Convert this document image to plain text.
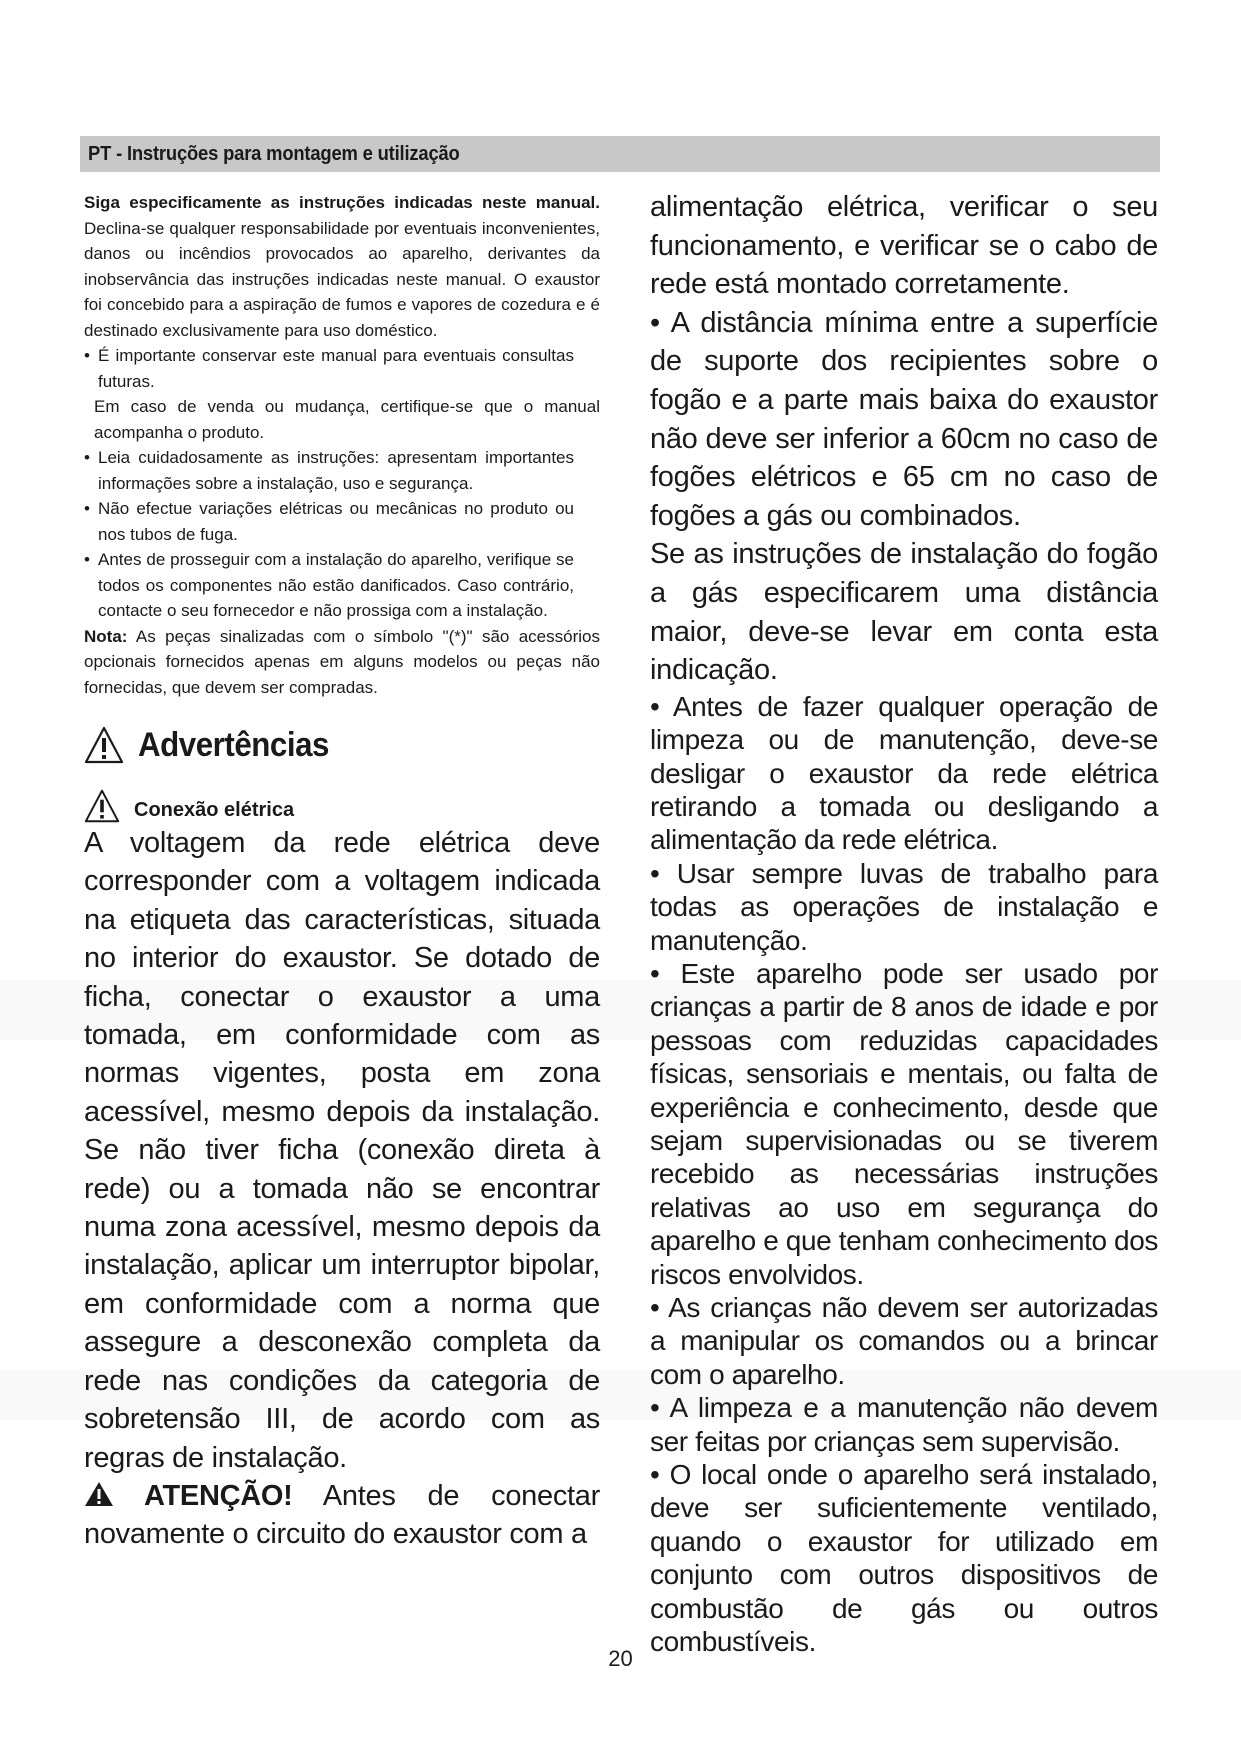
PT - Instruções para montagem e utilização

Siga especificamente as instruções indicadas neste manual. Declina-se qualquer responsabilidade por eventuais inconvenientes, danos ou incêndios provocados ao aparelho, derivantes da inobservância das instruções indicadas neste manual. O exaustor foi concebido para a aspiração de fumos e vapores de cozedura e é destinado exclusivamente para uso doméstico.

• É importante conservar este manual para eventuais consultas futuras.

Em caso de venda ou mudança, certifique-se que o manual acompanha o produto.

• Leia cuidadosamente as instruções: apresentam importantes informações sobre a instalação, uso e segurança.
• Não efectue variações elétricas ou mecânicas no produto ou nos tubos de fuga.
• Antes de prosseguir com a instalação do aparelho, verifique se todos os componentes não estão danificados. Caso contrário, contacte o seu fornecedor e não prossiga com a instalação.

Nota: As peças sinalizadas com o símbolo "(*)" são acessórios opcionais fornecidos apenas em alguns modelos ou peças não fornecidas, que devem ser compradas.

Advertências
Conexão elétrica

A voltagem da rede elétrica deve corresponder com a voltagem indicada na etiqueta das características, situada no interior do exaustor. Se dotado de ficha, conectar o exaustor a uma tomada, em conformidade com as normas vigentes, posta em zona acessível, mesmo depois da instalação. Se não tiver ficha (conexão direta à rede) ou a tomada não se encontrar numa zona acessível, mesmo depois da instalação, aplicar um interruptor bipolar, em conformidade com a norma que assegure a desconexão completa da rede nas condições da categoria de sobretensão III, de acordo com as regras de instalação.

ATENÇÃO! Antes de conectar novamente o circuito do exaustor com a

alimentação elétrica, verificar o seu funcionamento, e verificar se o cabo de rede está montado corretamente.

• A distância mínima entre a superfície de suporte dos recipientes sobre o fogão e a parte mais baixa do exaustor não deve ser inferior a 60cm no caso de fogões elétricos e 65 cm no caso de fogões a gás ou combinados.

Se as instruções de instalação do fogão a gás especificarem uma distância maior, deve-se levar em conta esta indicação.

• Antes de fazer qualquer operação de limpeza ou de manutenção, deve-se desligar o exaustor da rede elétrica retirando a tomada ou desligando a alimentação da rede elétrica.

• Usar sempre luvas de trabalho para todas as operações de instalação e manutenção.

• Este aparelho pode ser usado por crianças a partir de 8 anos de idade e por pessoas com reduzidas capacidades físicas, sensoriais e mentais, ou falta de experiência e conhecimento, desde que sejam supervisionadas ou se tiverem recebido as necessárias instruções relativas ao uso em segurança do aparelho e que tenham conhecimento dos riscos envolvidos.

• As crianças não devem ser autorizadas a manipular os comandos ou a brincar com o aparelho.

• A limpeza e a manutenção não devem ser feitas por crianças sem supervisão.

• O local onde o aparelho será instalado, deve ser suficientemente ventilado, quando o exaustor for utilizado em conjunto com outros dispositivos de combustão de gás ou outros combustíveis.

20
